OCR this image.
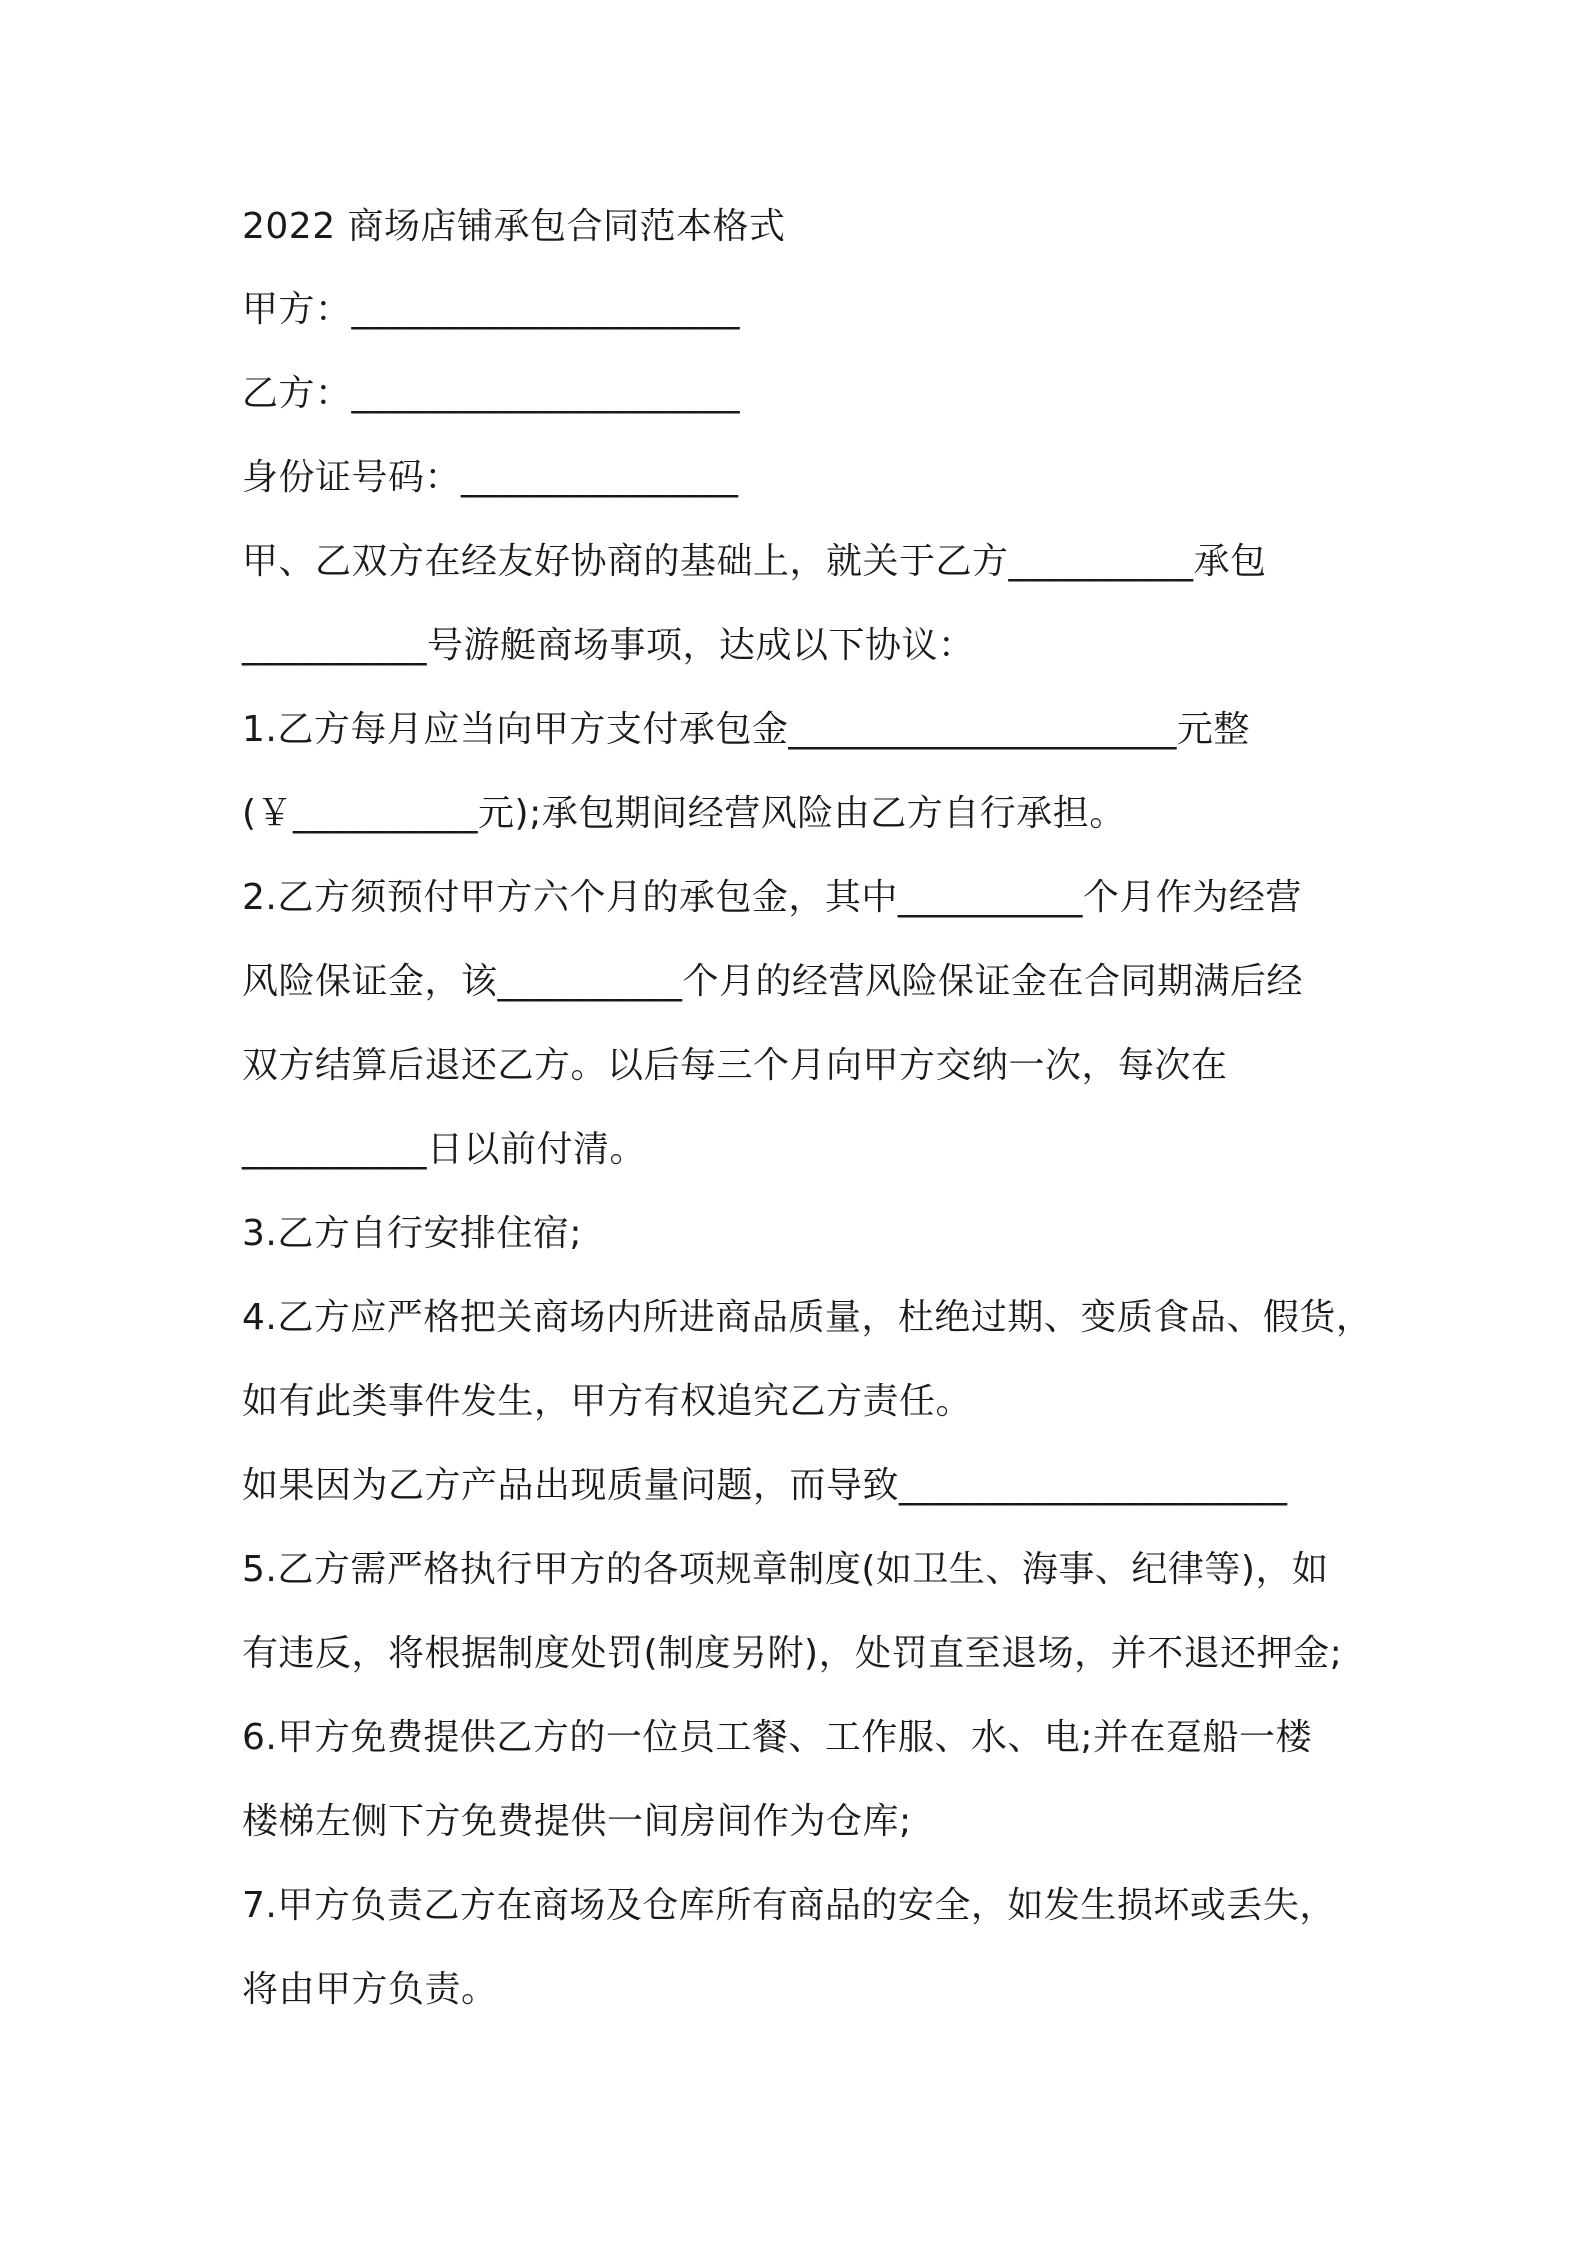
2022 商场店铺承包合同范本格式

甲方：_____________________

乙方：_____________________

身份证号码：_______________

甲、乙双方在经友好协商的基础上，就关于乙方__________承包

__________号游艇商场事项，达成以下协议：

1.乙方每月应当向甲方支付承包金_____________________元整

(￥__________元);承包期间经营风险由乙方自行承担。

2.乙方须预付甲方六个月的承包金，其中__________个月作为经营

风险保证金，该__________个月的经营风险保证金在合同期满后经

双方结算后退还乙方。以后每三个月向甲方交纳一次，每次在

__________日以前付清。

3.乙方自行安排住宿;

4.乙方应严格把关商场内所进商品质量，杜绝过期、变质食品、假货，

如有此类事件发生，甲方有权追究乙方责任。

如果因为乙方产品出现质量问题，而导致_____________________

5.乙方需严格执行甲方的各项规章制度(如卫生、海事、纪律等)，如

有违反，将根据制度处罚(制度另附)，处罚直至退场，并不退还押金;

6.甲方免费提供乙方的一位员工餐、工作服、水、电;并在趸船一楼

楼梯左侧下方免费提供一间房间作为仓库;

7.甲方负责乙方在商场及仓库所有商品的安全，如发生损坏或丢失，

将由甲方负责。
